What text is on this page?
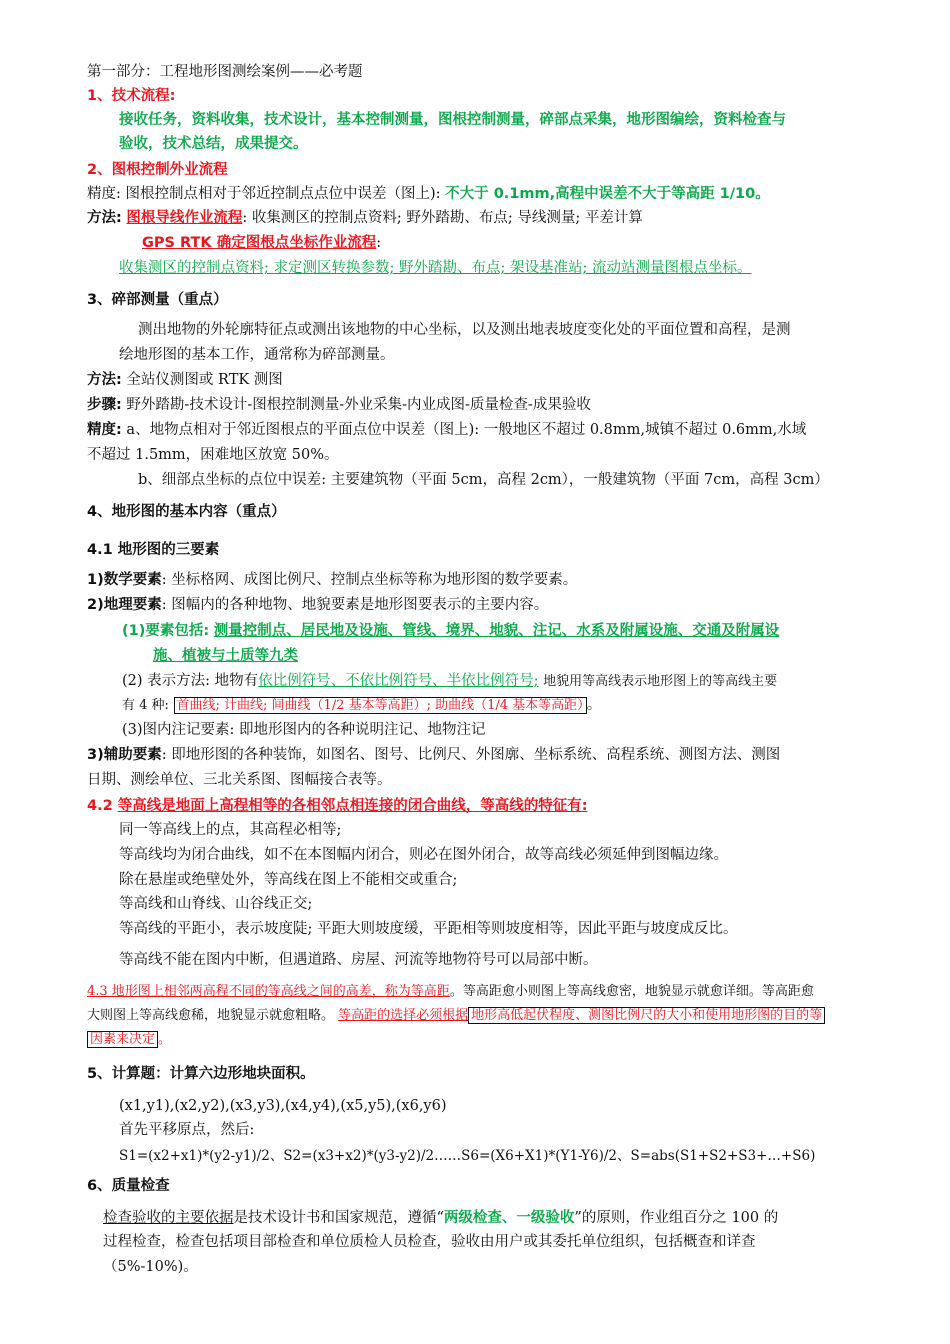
第一部分：工程地形图测绘案例——必考题
1、技术流程:
接收任务，资料收集，技术设计，基本控制测量，图根控制测量，碎部点采集，地形图编绘，资料检查与
验收，技术总结，成果提交。
2、图根控制外业流程
精度: 图根控制点相对于邻近控制点点位中误差（图上): 不大于 0.1mm,高程中误差不大于等高距 1/10。
方法: 图根导线作业流程: 收集测区的控制点资料; 野外踏勘、布点; 导线测量; 平差计算
GPS RTK 确定图根点坐标作业流程:
收集测区的控制点资料; 求定测区转换参数; 野外踏勘、布点; 架设基准站; 流动站测量图根点坐标。
3、碎部测量（重点）
测出地物的外轮廓特征点或测出该地物的中心坐标，以及测出地表坡度变化处的平面位置和高程，是测
绘地形图的基本工作，通常称为碎部测量。
方法: 全站仪测图或 RTK 测图
步骤: 野外踏勘-技术设计-图根控制测量-外业采集-内业成图-质量检查-成果验收
精度: a、地物点相对于邻近图根点的平面点位中误差（图上): 一般地区不超过 0.8mm,城镇不超过 0.6mm,水域
不超过 1.5mm，困难地区放宽 50%。
b、细部点坐标的点位中误差: 主要建筑物（平面 5cm，高程 2cm），一般建筑物（平面 7cm，高程 3cm）
4、地形图的基本内容（重点）
4.1 地形图的三要素
1)数学要素: 坐标格网、成图比例尺、控制点坐标等称为地形图的数学要素。
2)地理要素: 图幅内的各种地物、地貌要素是地形图要表示的主要内容。
(1)要素包括: 测量控制点、居民地及设施、管线、境界、地貌、注记、水系及附属设施、交通及附属设
施、植被与土质等九类
(2) 表示方法: 地物有依比例符号、不依比例符号、半依比例符号; 地貌用等高线表示地形图上的等高线主要
有 4 种: 首曲线; 计曲线; 间曲线（1/2 基本等高距）; 助曲线（1/4 基本等高距） 。
(3)图内注记要素: 即地形图内的各种说明注记、地物注记
3)辅助要素: 即地形图的各种装饰，如图名、图号、比例尺、外图廓、坐标系统、高程系统、测图方法、测图
日期、测绘单位、三北关系图、图幅接合表等。
4.2 等高线是地面上高程相等的各相邻点相连接的闭合曲线，等高线的特征有:
同一等高线上的点，其高程必相等;
等高线均为闭合曲线，如不在本图幅内闭合，则必在图外闭合，故等高线必须延伸到图幅边缘。
除在悬崖或绝壁处外，等高线在图上不能相交或重合;
等高线和山脊线、山谷线正交;
等高线的平距小，表示坡度陡; 平距大则坡度缓，平距相等则坡度相等，因此平距与坡度成反比。
等高线不能在图内中断，但遇道路、房屋、河流等地物符号可以局部中断。
4.3 地形图上相邻两高程不同的等高线之间的高差，称为等高距。等高距愈小则图上等高线愈密，地貌显示就愈详细。等高距愈
大则图上等高线愈稀，地貌显示就愈粗略。 等高距的选择必须根据 地形高低起伏程度、测图比例尺的大小和使用地形图的目的等
因素来决定 。
5、计算题：计算六边形地块面积。
(x1,y1),(x2,y2),(x3,y3),(x4,y4),(x5,y5),(x6,y6)
首先平移原点，然后:
S1=(x2+x1)*(y2-y1)/2、S2=(x3+x2)*(y3-y2)/2……S6=(X6+X1)*(Y1-Y6)/2、S=abs(S1+S2+S3+…+S6)
6、质量检查
检查验收的主要依据是技术设计书和国家规范，遵循“两级检查、一级验收”的原则，作业组百分之 100 的
过程检查，检查包括项目部检查和单位质检人员检查，验收由用户或其委托单位组织，包括概查和详查
（5%-10%)。
